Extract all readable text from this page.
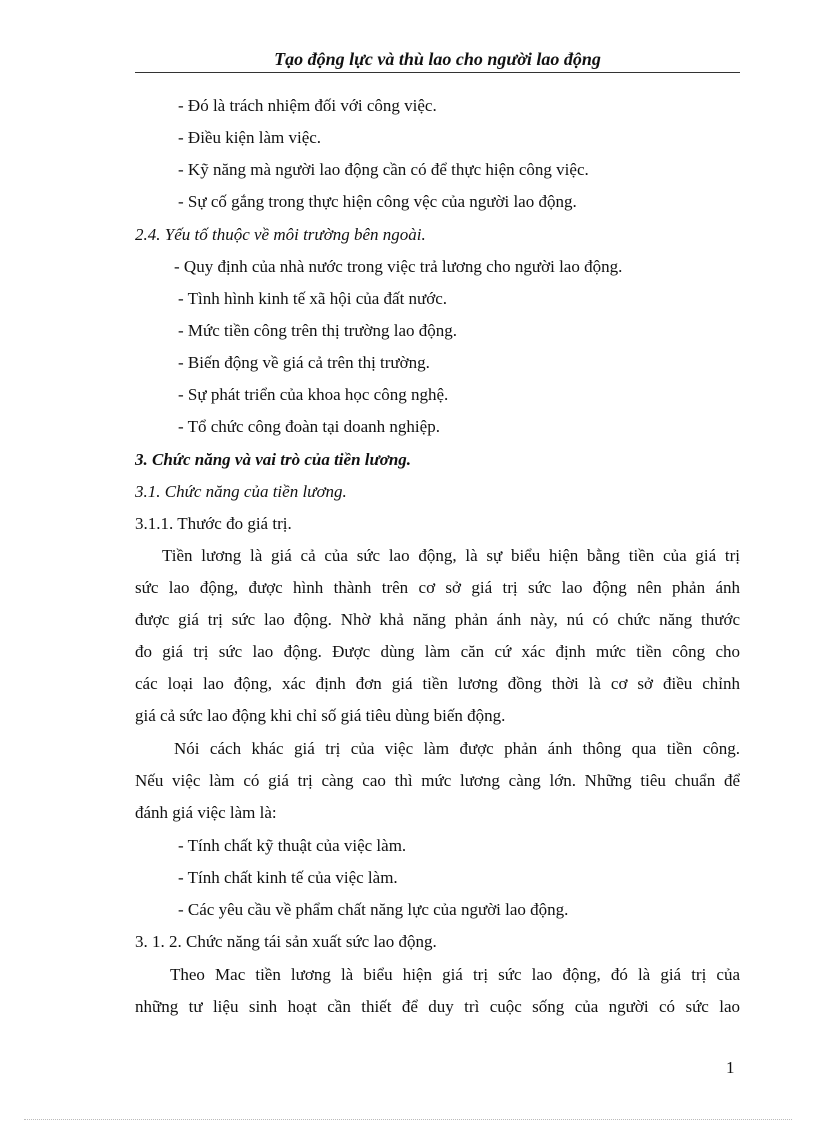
Tạo động lực và thù lao cho người lao động
- Đó là trách nhiệm đối với công việc.
- Điều kiện làm việc.
- Kỹ năng mà người lao động cần có để thực hiện công việc.
- Sự cố gắng trong thực hiện công vệc của người lao động.
2.4. Yếu tố thuộc về môi trường bên ngoài.
- Quy định của nhà nước trong việc trả lương cho người lao động.
- Tình hình kinh tế xã hội của đất nước.
- Mức tiền công trên thị trường lao động.
- Biến động về giá cả trên thị trường.
- Sự phát triển của khoa học công nghệ.
- Tổ chức công đoàn tại doanh nghiệp.
3. Chức năng và vai trò của tiền lương.
3.1. Chức năng của tiền lương.
3.1.1. Thước đo giá trị.
Tiền lương là giá cả của sức lao động, là sự biểu hiện bằng tiền của giá trị
sức lao động, được hình thành trên cơ sở giá trị sức lao động nên phản ánh
được giá trị sức lao động. Nhờ khả năng phản ánh này, nú có chức năng thước
đo giá trị sức lao động. Được dùng làm căn cứ xác định mức tiền công cho
các loại lao động, xác định đơn giá tiền lương đồng thời là cơ sở điều chỉnh
giá cả sức lao động khi chỉ số giá tiêu dùng biến động.
Nói cách khác giá trị của việc làm được phản ánh thông qua tiền công.
Nếu việc làm có giá trị càng cao thì mức lương càng lớn. Những tiêu chuẩn để
đánh giá việc làm là:
- Tính chất kỹ thuật của việc làm.
- Tính chất kinh tế của việc làm.
- Các yêu cầu về phẩm chất năng lực của người lao động.
3. 1. 2. Chức năng tái sản xuất sức lao động.
Theo Mac tiền lương là biểu hiện giá trị sức lao động, đó là giá trị của
những tư liệu sinh hoạt cần thiết để duy trì cuộc sống của người có sức lao
1
